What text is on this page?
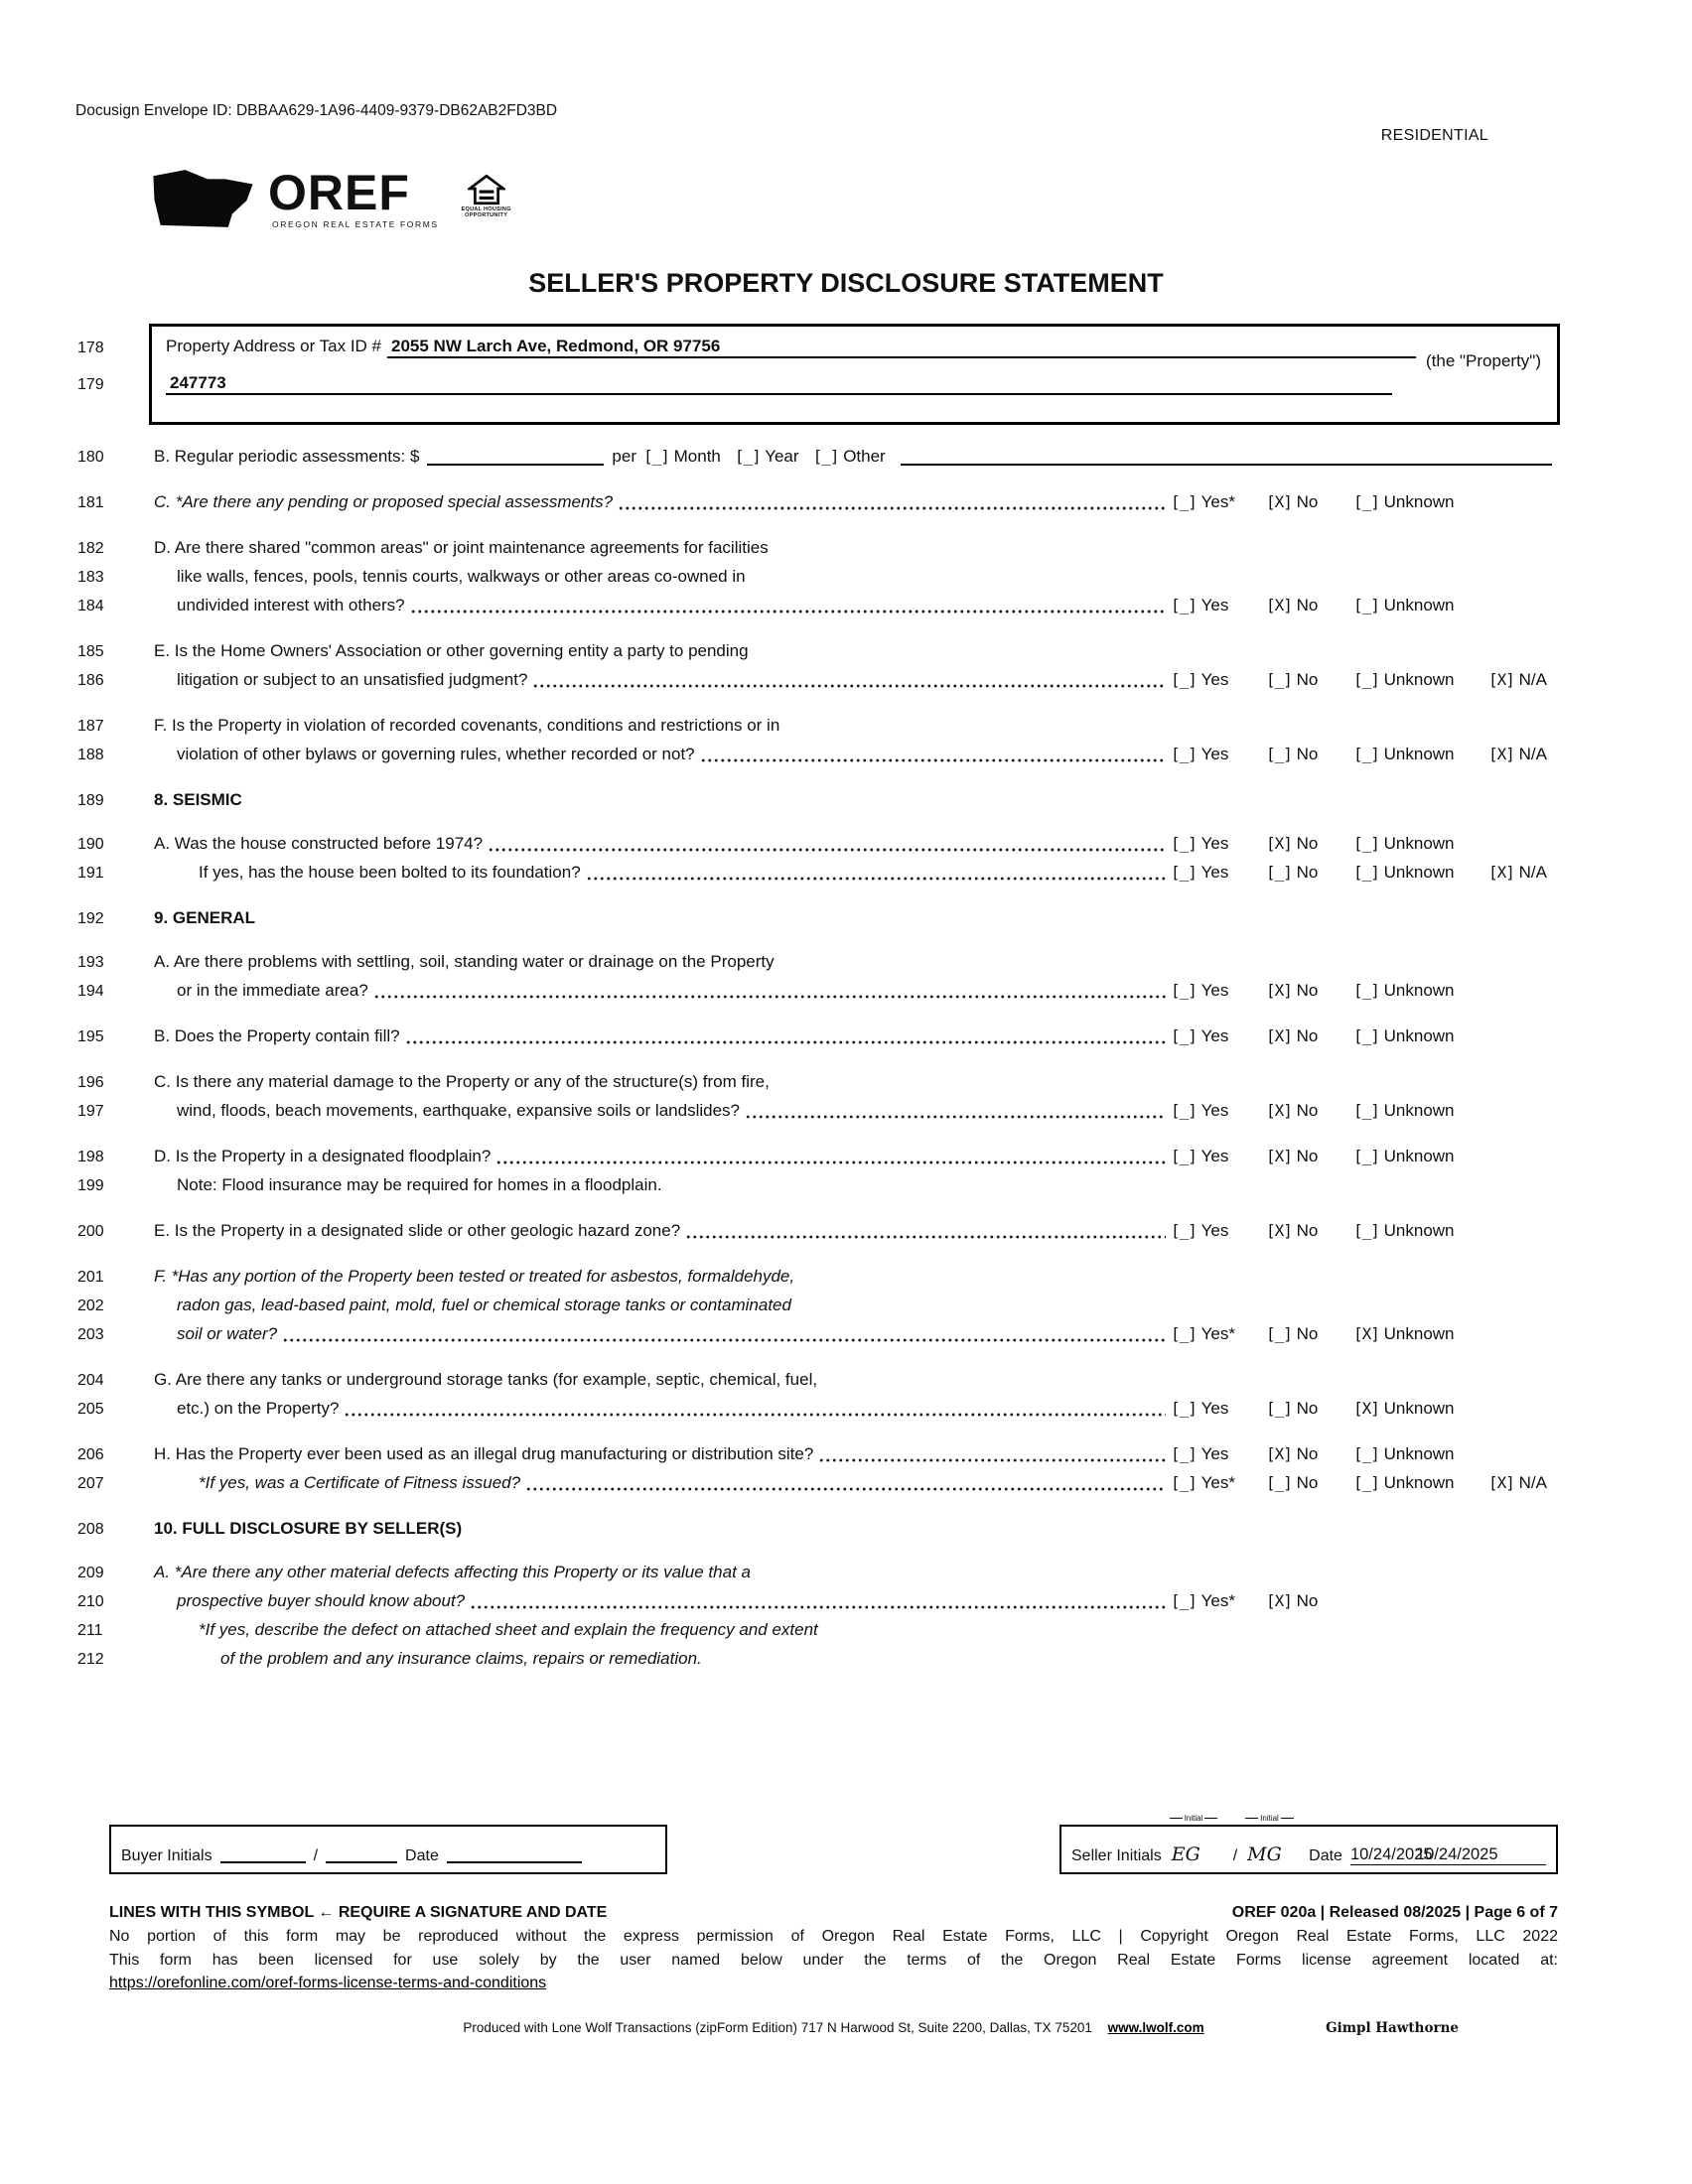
Docusign Envelope ID: DBBAA629-1A96-4409-9379-DB62AB2FD3BD
RESIDENTIAL
OREF
OREGON REAL ESTATE FORMS
EQUAL HOUSING OPPORTUNITY
SELLER'S PROPERTY DISCLOSURE STATEMENT
178
179
Property Address or Tax ID # 2055 NW Larch Ave, Redmond, OR 97756
(the "Property")
247773
180	B. Regular periodic assessments: $	per [_] Month [_] Year [_] Other
181	C. *Are there any pending or proposed special assessments?	[_] Yes*	[X] No	[_] Unknown
182	D. Are there shared "common areas" or joint maintenance agreements for facilities
183	like walls, fences, pools, tennis courts, walkways or other areas co-owned in
184	undivided interest with others?	[_] Yes	[X] No	[_] Unknown
185	E. Is the Home Owners' Association or other governing entity a party to pending
186	litigation or subject to an unsatisfied judgment?	[_] Yes	[_] No	[_] Unknown	[X] N/A
187	F. Is the Property in violation of recorded covenants, conditions and restrictions or in
188	violation of other bylaws or governing rules, whether recorded or not?	[_] Yes	[_] No	[_] Unknown	[X] N/A
189	8. SEISMIC
190	A. Was the house constructed before 1974?	[_] Yes	[X] No	[_] Unknown
191	If yes, has the house been bolted to its foundation?	[_] Yes	[_] No	[_] Unknown	[X] N/A
192	9. GENERAL
193	A. Are there problems with settling, soil, standing water or drainage on the Property
194	or in the immediate area?	[_] Yes	[X] No	[_] Unknown
195	B. Does the Property contain fill?	[_] Yes	[X] No	[_] Unknown
196	C. Is there any material damage to the Property or any of the structure(s) from fire,
197	wind, floods, beach movements, earthquake, expansive soils or landslides?	[_] Yes	[X] No	[_] Unknown
198	D. Is the Property in a designated floodplain?	[_] Yes	[X] No	[_] Unknown
199	Note: Flood insurance may be required for homes in a floodplain.
200	E. Is the Property in a designated slide or other geologic hazard zone?	[_] Yes	[X] No	[_] Unknown
201	F. *Has any portion of the Property been tested or treated for asbestos, formaldehyde,
202	radon gas, lead-based paint, mold, fuel or chemical storage tanks or contaminated
203	soil or water?	[_] Yes*	[_] No	[X] Unknown
204	G. Are there any tanks or underground storage tanks (for example, septic, chemical, fuel,
205	etc.) on the Property?	[_] Yes	[_] No	[X] Unknown
206	H. Has the Property ever been used as an illegal drug manufacturing or distribution site?	[_] Yes	[X] No	[_] Unknown
207	*If yes, was a Certificate of Fitness issued?	[_] Yes*	[_] No	[_] Unknown	[X] N/A
208	10. FULL DISCLOSURE BY SELLER(S)
209	A. *Are there any other material defects affecting this Property or its value that a
210	prospective buyer should know about?	[_] Yes*	[X] No
211	*If yes, describe the defect on attached sheet and explain the frequency and extent
212	of the problem and any insurance claims, repairs or remediation.
Buyer Initials	/	Date	Seller Initials
Initial
EG	/
Initial
MG	Date 10/24/2025
10/24/2025
LINES WITH THIS SYMBOL ← REQUIRE A SIGNATURE AND DATE	OREF 020a | Released 08/2025 | Page 6 of 7
No portion of this form may be reproduced without the express permission of Oregon Real Estate Forms, LLC | Copyright Oregon Real Estate Forms, LLC 2022
This form has been licensed for use solely by the user named below under the terms of the Oregon Real Estate Forms license agreement located at:
https://orefonline.com/oref-forms-license-terms-and-conditions
Produced with Lone Wolf Transactions (zipForm Edition) 717 N Harwood St, Suite 2200, Dallas, TX 75201 www.lwolf.com	Gimpl Hawthorne
